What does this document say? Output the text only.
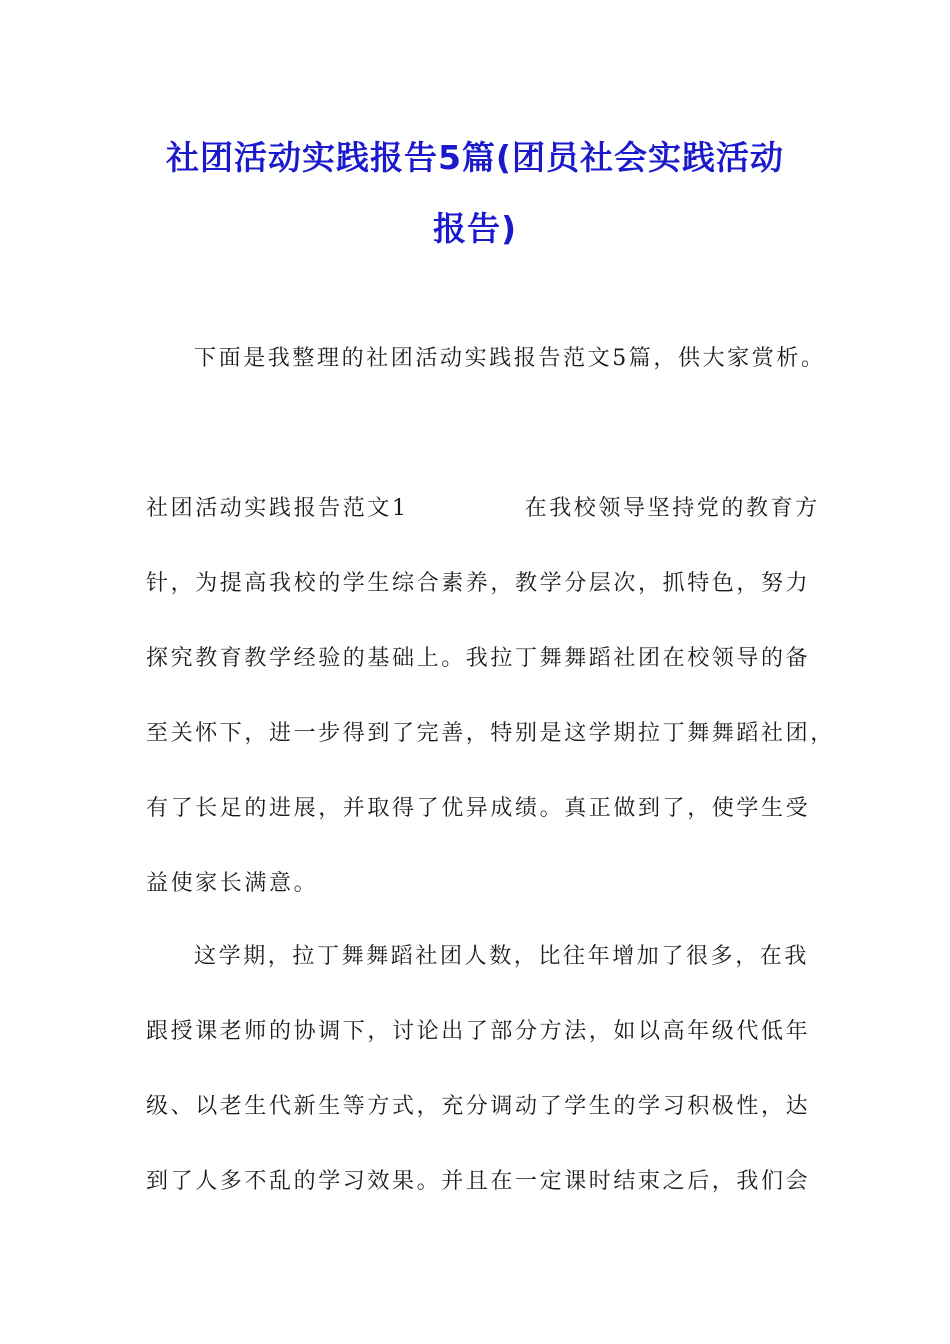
社团活动实践报告5篇(团员社会实践活动
报告)
下面是我整理的社团活动实践报告范文5篇，供大家赏析。
社团活动实践报告范文1	在我校领导坚持党的教育方
针，为提高我校的学生综合素养，教学分层次，抓特色，努力
探究教育教学经验的基础上。我拉丁舞舞蹈社团在校领导的备
至关怀下，进一步得到了完善，特别是这学期拉丁舞舞蹈社团，
有了长足的进展，并取得了优异成绩。真正做到了，使学生受
益使家长满意。
这学期，拉丁舞舞蹈社团人数，比往年增加了很多，在我
跟授课老师的协调下，讨论出了部分方法，如以高年级代低年
级、以老生代新生等方式，充分调动了学生的学习积极性，达
到了人多不乱的学习效果。并且在一定课时结束之后，我们会
